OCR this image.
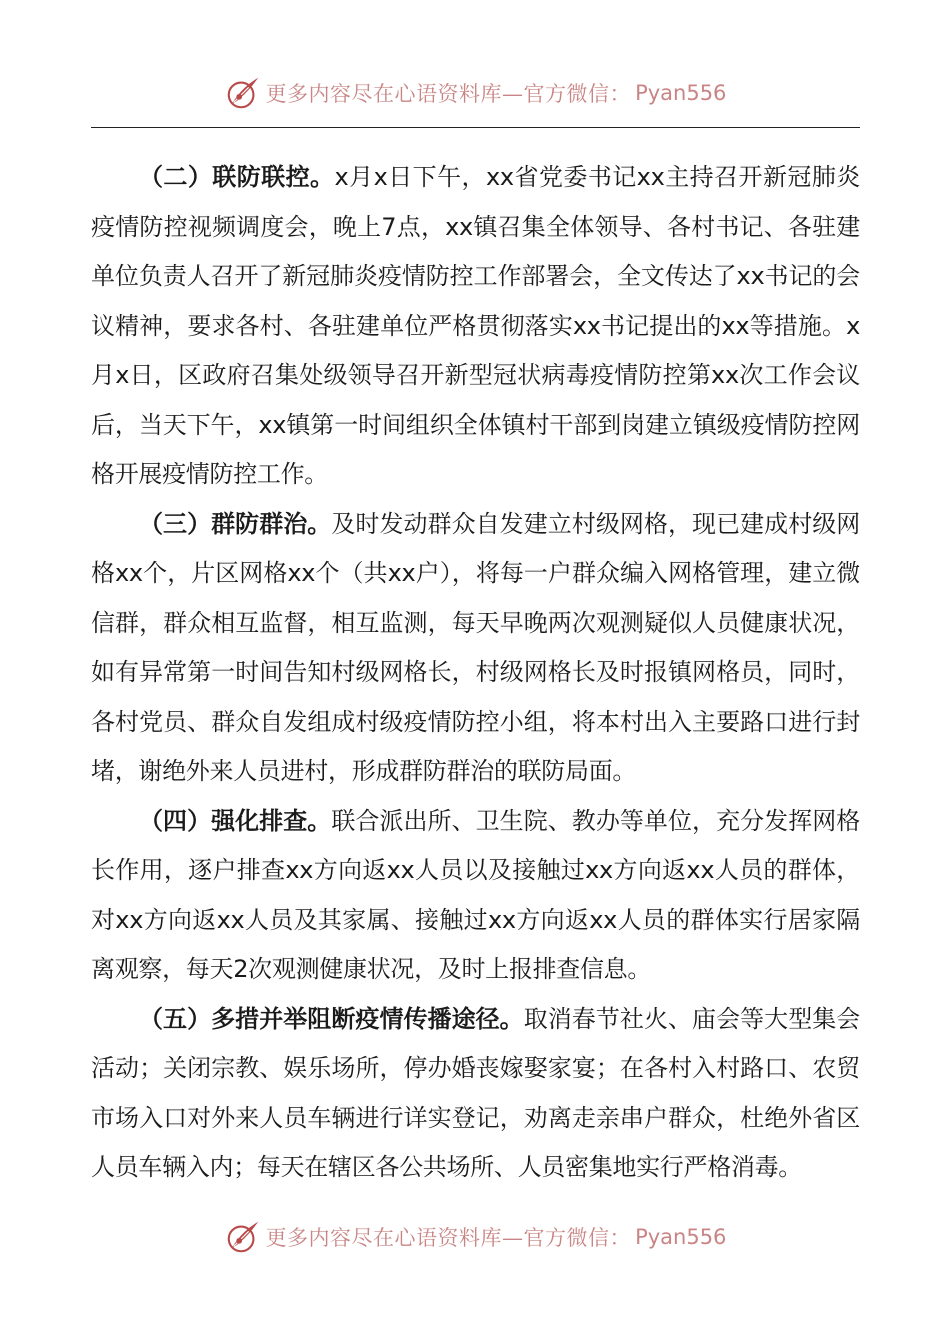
更多内容尽在心语资料库—官方微信： Pyan556

（二）联防联控。x月x日下午，xx省党委书记xx主持召开新冠肺炎疫情防控视频调度会，晚上7点，xx镇召集全体领导、各村书记、各驻建单位负责人召开了新冠肺炎疫情防控工作部署会，全文传达了xx书记的会议精神，要求各村、各驻建单位严格贯彻落实xx书记提出的xx等措施。x月x日，区政府召集处级领导召开新型冠状病毒疫情防控第xx次工作会议后，当天下午，xx镇第一时间组织全体镇村干部到岗建立镇级疫情防控网格开展疫情防控工作。

（三）群防群治。及时发动群众自发建立村级网格，现已建成村级网格xx个，片区网格xx个（共xx户），将每一户群众编入网格管理，建立微信群，群众相互监督，相互监测，每天早晚两次观测疑似人员健康状况，如有异常第一时间告知村级网格长，村级网格长及时报镇网格员，同时，各村党员、群众自发组成村级疫情防控小组，将本村出入主要路口进行封堵，谢绝外来人员进村，形成群防群治的联防局面。

（四）强化排查。联合派出所、卫生院、教办等单位，充分发挥网格长作用，逐户排查xx方向返xx人员以及接触过xx方向返xx人员的群体，对xx方向返xx人员及其家属、接触过xx方向返xx人员的群体实行居家隔离观察，每天2次观测健康状况，及时上报排查信息。

（五）多措并举阻断疫情传播途径。取消春节社火、庙会等大型集会活动；关闭宗教、娱乐场所，停办婚丧嫁娶家宴；在各村入村路口、农贸市场入口对外来人员车辆进行详实登记，劝离走亲串户群众，杜绝外省区人员车辆入内；每天在辖区各公共场所、人员密集地实行严格消毒。

更多内容尽在心语资料库—官方微信： Pyan556
